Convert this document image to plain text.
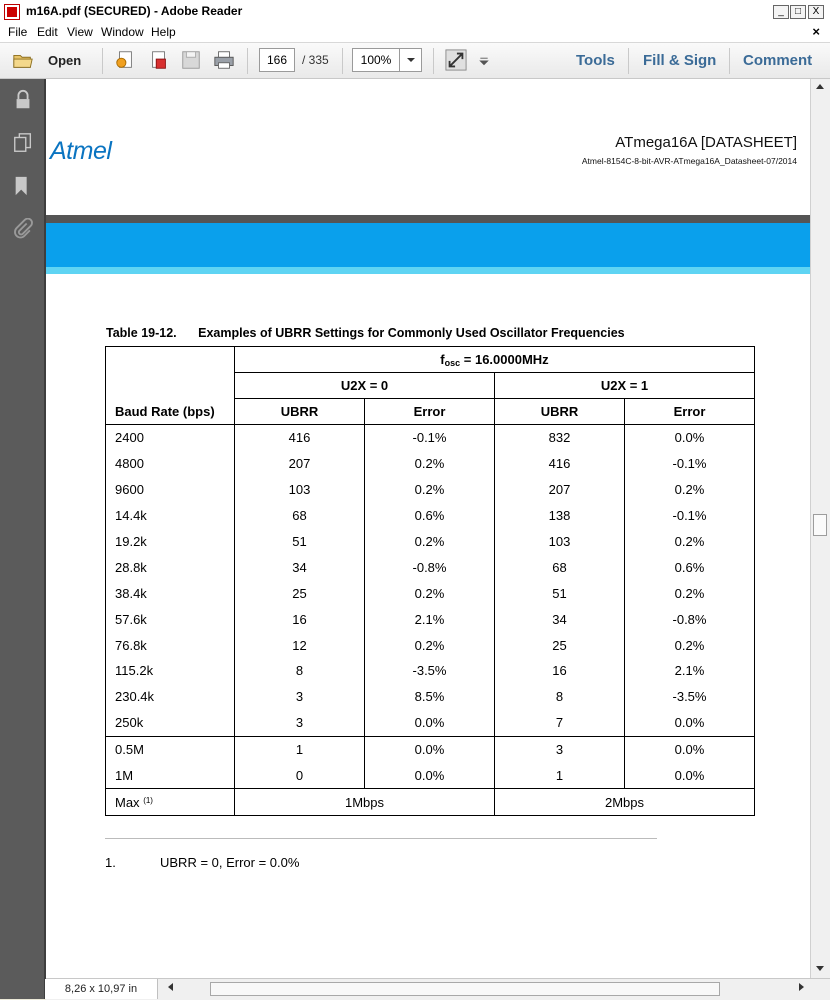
m16A.pdf (SECURED) - Adobe Reader	_	□	X
File Edit View Window Help	×
Open	166	/ 335	100%	Tools Fill & Sign Comment
Atmel	ATmega16A [DATASHEET]
Atmel-8154C-8-bit-AVR-ATmega16A_Datasheet-07/2014
Table 19-12. Examples of UBRR Settings for Commonly Used Oscillator Frequencies
Baud Rate (bps)	$f_{osc} = 16.0000MHz$			
	U2X = 0		U2X = 1	
	UBRR	Error	UBRR	Error
2400	416	-0.1%	832	0.0%
4800	207	0.2%	416	-0.1%
9600	103	0.2%	207	0.2%
14.4k	68	0.6%	138	-0.1%
19.2k	51	0.2%	103	0.2%
28.8k	34	-0.8%	68	0.6%
38.4k	25	0.2%	51	0.2%
57.6k	16	2.1%	34	-0.8%
76.8k	12	0.2%	25	0.2%
115.2k	8	-3.5%	16	2.1%
230.4k	3	8.5%	8	-3.5%
250k	3	0.0%	7	0.0%
0.5M	1	0.0%	3	0.0%
1M	0	0.0%	1	0.0%
Max $^{(1)}$	1Mbps		2Mbps	
1.	UBRR = 0, Error = 0.0%
8,26 x 10,97 in
